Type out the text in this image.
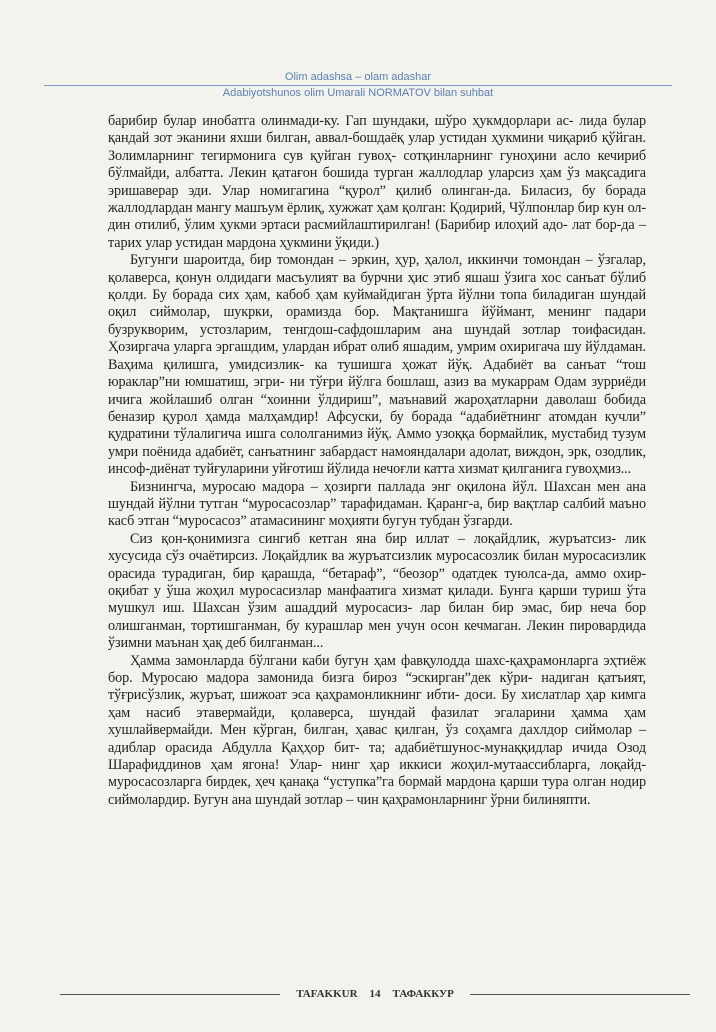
Olim adashsa – olam adashar
Adabiyotshunos olim Umarali NORMATOV bilan suhbat

барибир булар инобатга олинмади-ку. Гап шундаки, шўро ҳукмдорлари ас- лида булар қандай зот эканини яхши билган, аввал-бошдаёқ улар устидан ҳукмини чиқариб қўйган. Золимларнинг тегирмонига сув қуйган гувоҳ- сотқинларнинг гуноҳини асло кечириб бўлмайди, албатта. Лекин қатағон бошида турган жаллодлар уларсиз ҳам ўз мақсадига эришаверар эди. Улар номигагина “қурол” қилиб олинган-да. Биласиз, бу борада жаллодлардан мангу машъум ёрлиқ, хужжат ҳам қолган: Қодирий, Чўлпонлар бир кун ол- дин отилиб, ўлим ҳукми эртаси расмийлаштирилган! (Барибир илоҳий адо- лат бор-да – тарих улар устидан мардона ҳукмини ўқиди.)

Бугунги шароитда, бир томондан – эркин, ҳур, ҳалол, иккинчи томондан – ўзгалар, қолаверса, қонун олдидаги масъулият ва бурчни ҳис этиб яшаш ўзига хос санъат бўлиб қолди. Бу борада сих ҳам, кабоб ҳам куймайдиган ўрта йўлни топа биладиган шундай оқил сиймолар, шукрки, орамизда бор. Мақтанишга йўймант, менинг падари бузрукворим, устозларим, тенгдош-сафдошларим ана шундай зотлар тоифасидан. Ҳозиргача уларга эргашдим, улардан ибрат олиб яшадим, умрим охиригача шу йўлдаман. Ваҳима қилишга, умидсизлик- ка тушишга ҳожат йўқ. Адабиёт ва санъат “тош юраклар”ни юмшатиш, эгри- ни тўғри йўлга бошлаш, азиз ва мукаррам Одам зурриёди ичига жойлашиб олган “хоинни ўлдириш”, маънавий жароҳатларни даволаш бобида беназир қурол ҳамда малҳамдир! Афсуски, бу борада “адабиётнинг атомдан кучли” қудратини тўлалигича ишга сололганимиз йўқ. Аммо узоққа бормайлик, мустабид тузум умри поёнида адабиёт, санъатнинг забардаст намояндалари адолат, виждон, эрк, озодлик, инсоф-диёнат туйғуларини уйғотиш йўлида нечоғли катта хизмат қилганига гувоҳмиз...

Бизнингча, муросаю мадора – ҳозирги паллада энг оқилона йўл. Шахсан мен ана шундай йўлни тутган “муросасозлар” тарафидаман. Қаранг-а, бир вақтлар салбий маъно касб этган “муросасоз” атамасининг моҳияти бугун тубдан ўзгарди.

Сиз қон-қонимизга сингиб кетган яна бир иллат – лоқайдлик, журъатсиз- лик хусусида сўз очаётирсиз. Лоқайдлик ва журъатсизлик муросасозлик билан муросасизлик орасида турадиган, бир қарашда, “бетараф”, “беозор” одатдек туюлса-да, аммо охир-оқибат у ўша жоҳил муросасизлар манфаатига хизмат қилади. Бунга қарши туриш ўта мушкул иш. Шахсан ўзим ашаддий муросасиз- лар билан бир эмас, бир неча бор олишганман, тортишганман, бу курашлар мен учун осон кечмаган. Лекин пировардида ўзимни маънан ҳақ деб билганман...

Ҳамма замонларда бўлгани каби бугун ҳам фавқулодда шахс-қаҳрамонларга эҳтиёж бор. Муросаю мадора замонида бизга бироз “эскирган”дек кўри- надиган қатъият, тўғрисўзлик, журъат, шижоат эса қаҳрамонликнинг ибти- доси. Бу хислатлар ҳар кимга ҳам насиб этавермайди, қолаверса, шундай фазилат эгаларини ҳамма ҳам хушлайвермайди. Мен кўрган, билган, ҳавас қилган, ўз соҳамга дахлдор сиймолар – адиблар орасида Абдулла Қаҳҳор бит- та; адабиётшунос-мунаққидлар ичида Озод Шарафиддинов ҳам ягона! Улар- нинг ҳар иккиси жоҳил-мутаассибларга, лоқайд-муросасозларга бирдек, ҳеч қанақа “уступка”га бормай мардона қарши тура олган нодир сиймолардир. Бугун ана шундай зотлар – чин қаҳрамонларнинг ўрни билиняпти.

TAFAKKUR	14	ТАФАККУР
